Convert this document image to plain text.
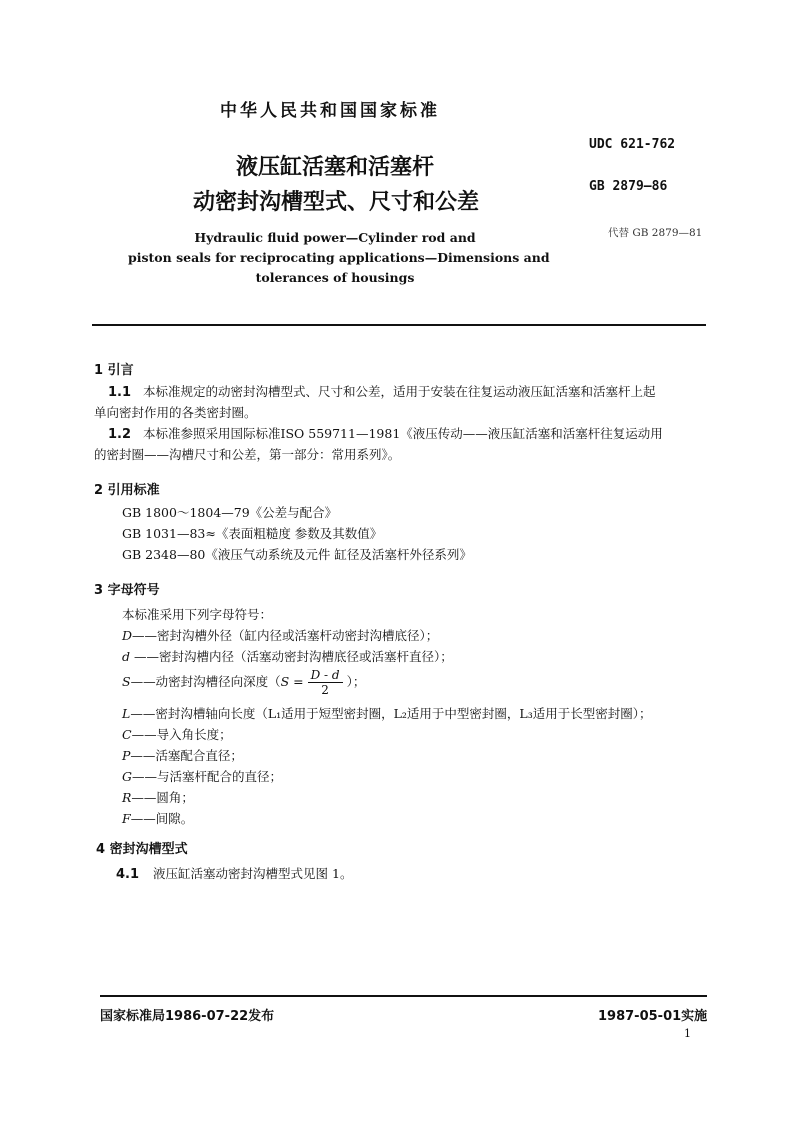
中华人民共和国国家标准
UDC 621-762
GB 2879—86
代替 GB 2879—81
液压缸活塞和活塞杆
动密封沟槽型式、尺寸和公差
Hydraulic fluid power—Cylinder rod and
piston seals for reciprocating applications—Dimensions and
tolerances of housings
1 引言
1.1 本标准规定的动密封沟槽型式、尺寸和公差，适用于安装在往复运动液压缸活塞和活塞杆上起
单向密封作用的各类密封圈。
1.2 本标准参照采用国际标准ISO 559711—1981《液压传动——液压缸活塞和活塞杆往复运动用
的密封圈——沟槽尺寸和公差，第一部分：常用系列》。
2 引用标准
GB 1800～1804—79《公差与配合》
GB 1031—83≈《表面粗糙度 参数及其数值》
GB 2348—80《液压气动系统及元件 缸径及活塞杆外径系列》
3 字母符号
本标准采用下列字母符号：
D——密封沟槽外径（缸内径或活塞杆动密封沟槽底径）；
d ——密封沟槽内径（活塞动密封沟槽底径或活塞杆直径）；
S——动密封沟槽径向深度（$S = \frac{D - d}{2}$ ）；
L——密封沟槽轴向长度（L₁适用于短型密封圈，L₂适用于中型密封圈，L₃适用于长型密封圈）；
C——导入角长度；
P——活塞配合直径；
G——与活塞杆配合的直径；
R——圆角；
F——间隙。
4 密封沟槽型式
4.1 液压缸活塞动密封沟槽型式见图 1。
国家标准局1986-07-22发布	1987-05-01实施
1
